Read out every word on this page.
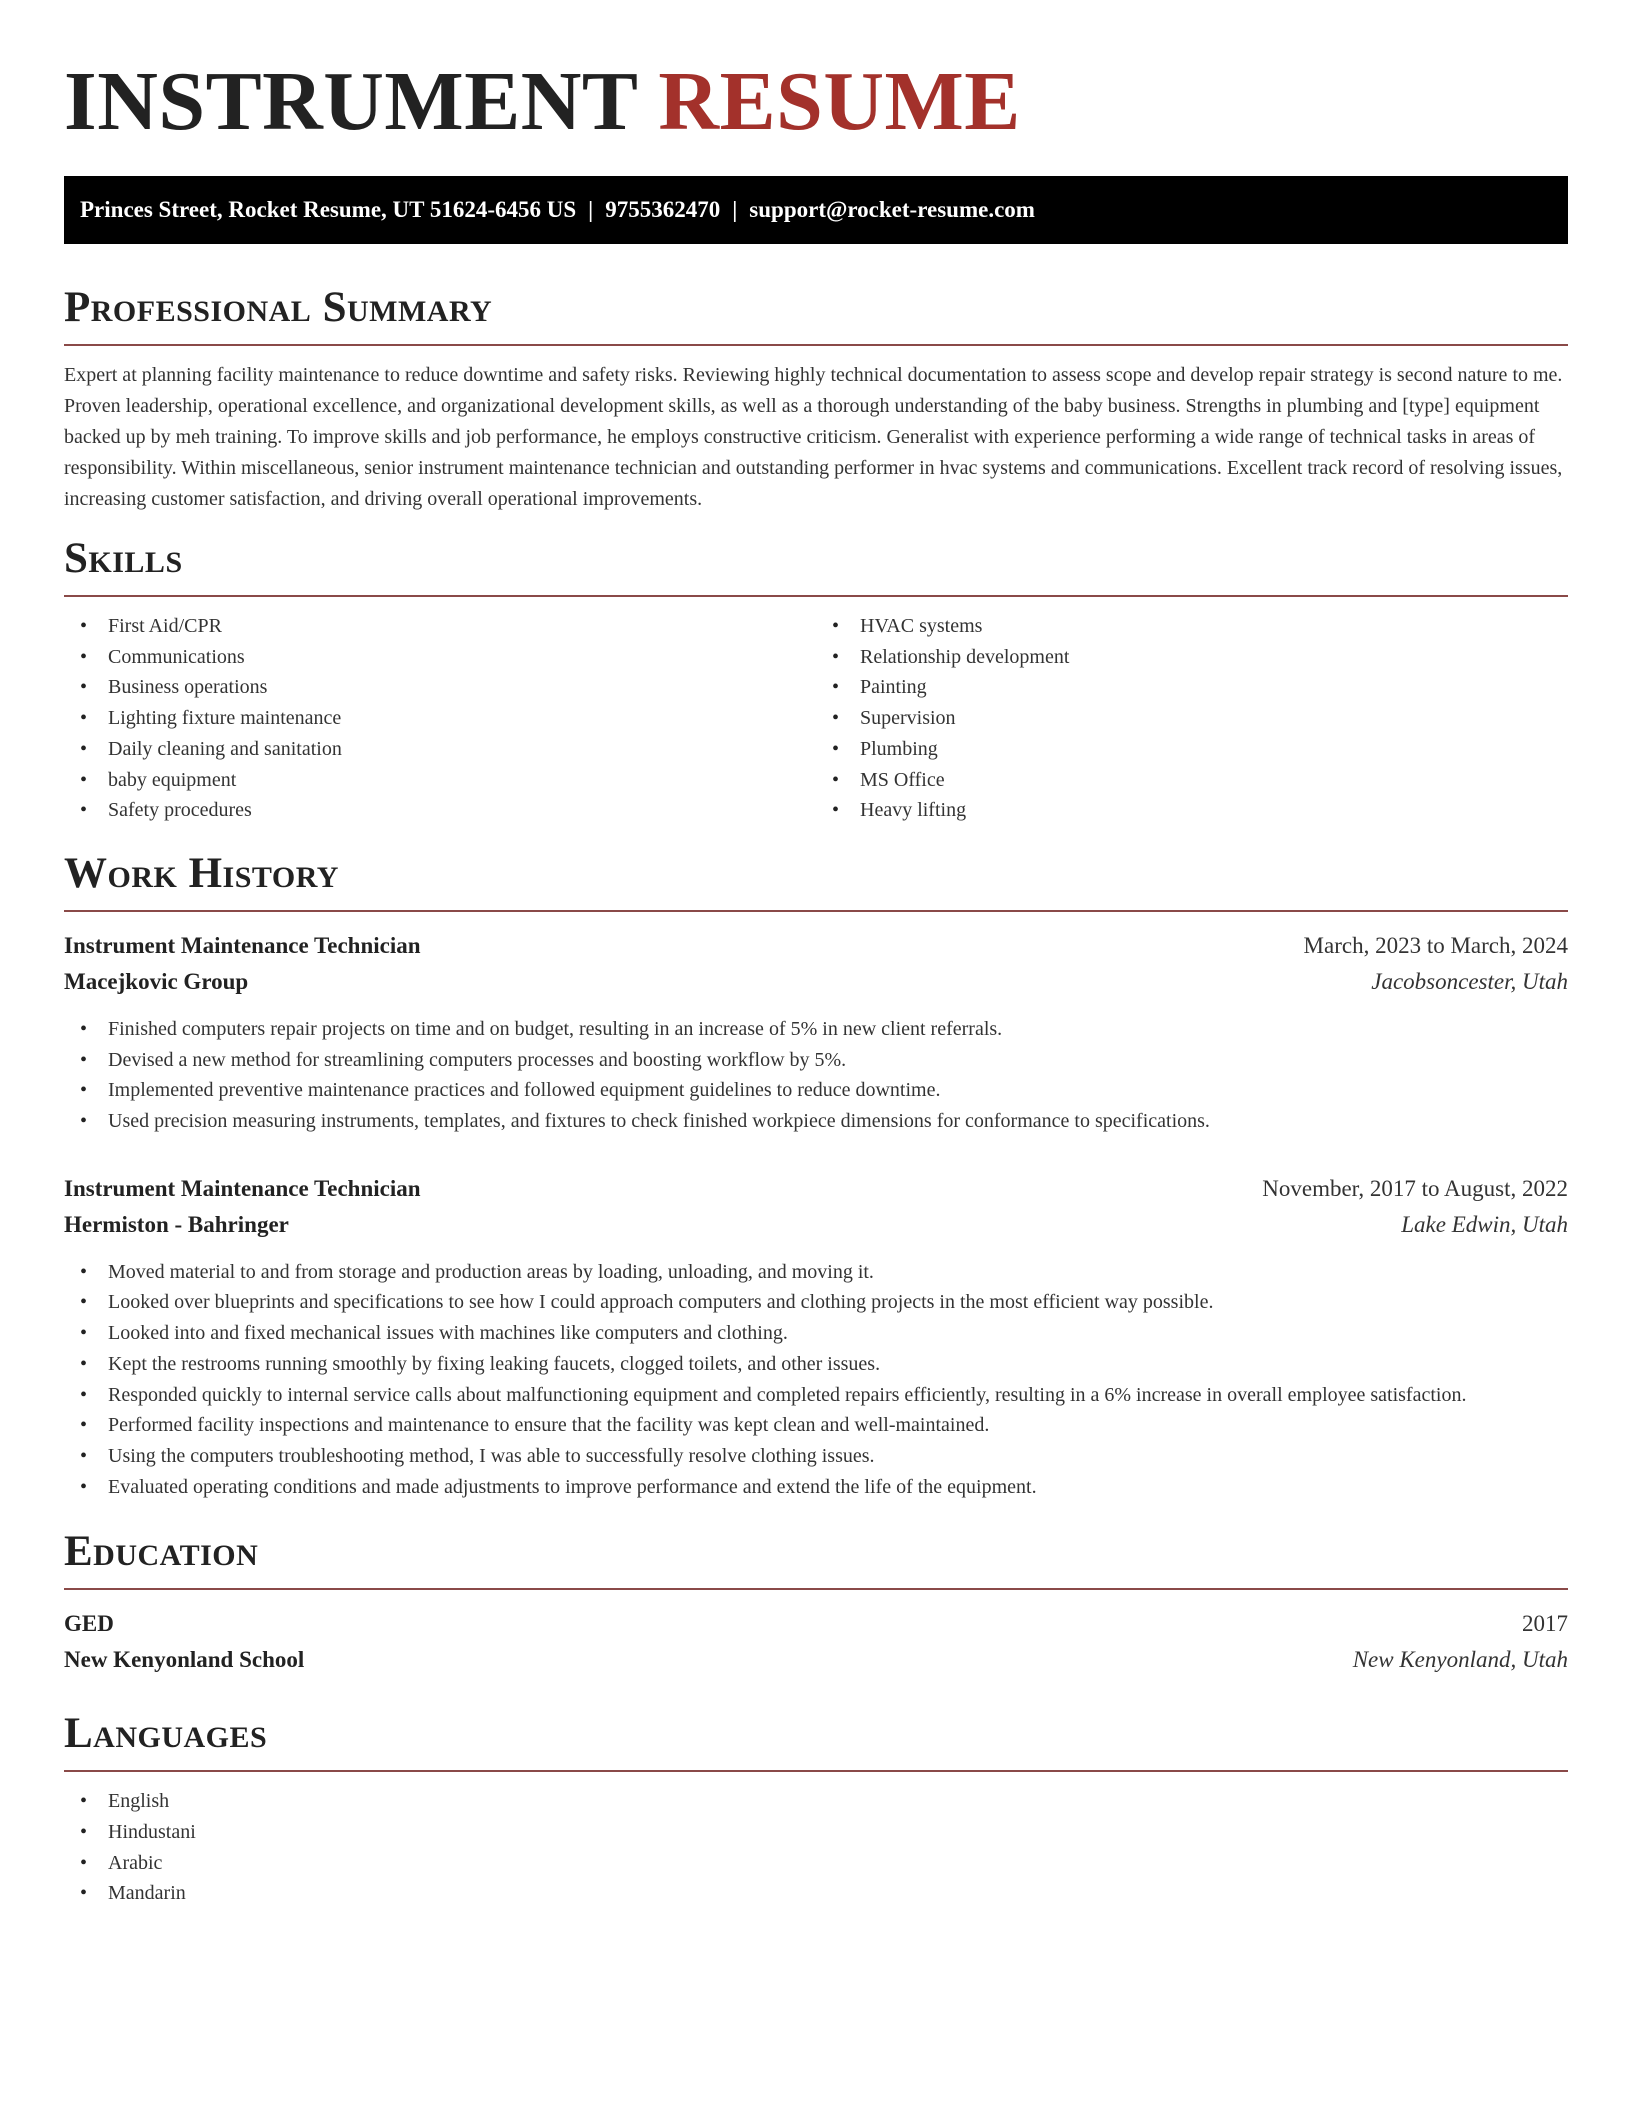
INSTRUMENT RESUME
Princes Street, Rocket Resume, UT 51624-6456 US | 9755362470 | support@rocket-resume.com
Professional Summary

Expert at planning facility maintenance to reduce downtime and safety risks. Reviewing highly technical documentation to assess scope and develop repair strategy is second nature to me. Proven leadership, operational excellence, and organizational development skills, as well as a thorough understanding of the baby business. Strengths in plumbing and [type] equipment backed up by meh training. To improve skills and job performance, he employs constructive criticism. Generalist with experience performing a wide range of technical tasks in areas of responsibility. Within miscellaneous, senior instrument maintenance technician and outstanding performer in hvac systems and communications. Excellent track record of resolving issues, increasing customer satisfaction, and driving overall operational improvements.

Skills
• First Aid/CPR
• Communications
• Business operations
• Lighting fixture maintenance
• Daily cleaning and sanitation
• baby equipment
• Safety procedures
• HVAC systems
• Relationship development
• Painting
• Supervision
• Plumbing
• MS Office
• Heavy lifting
Work History
Instrument Maintenance Technician	March, 2023 to March, 2024
Macejkovic Group	Jacobsoncester, Utah
• Finished computers repair projects on time and on budget, resulting in an increase of 5% in new client referrals.
• Devised a new method for streamlining computers processes and boosting workflow by 5%.
• Implemented preventive maintenance practices and followed equipment guidelines to reduce downtime.
• Used precision measuring instruments, templates, and fixtures to check finished workpiece dimensions for conformance to specifications.
Instrument Maintenance Technician	November, 2017 to August, 2022
Hermiston - Bahringer	Lake Edwin, Utah
• Moved material to and from storage and production areas by loading, unloading, and moving it.
• Looked over blueprints and specifications to see how I could approach computers and clothing projects in the most efficient way possible.
• Looked into and fixed mechanical issues with machines like computers and clothing.
• Kept the restrooms running smoothly by fixing leaking faucets, clogged toilets, and other issues.
• Responded quickly to internal service calls about malfunctioning equipment and completed repairs efficiently, resulting in a 6% increase in overall employee satisfaction.
• Performed facility inspections and maintenance to ensure that the facility was kept clean and well-maintained.
• Using the computers troubleshooting method, I was able to successfully resolve clothing issues.
• Evaluated operating conditions and made adjustments to improve performance and extend the life of the equipment.
Education
GED	2017
New Kenyonland School	New Kenyonland, Utah
Languages
• English
• Hindustani
• Arabic
• Mandarin
